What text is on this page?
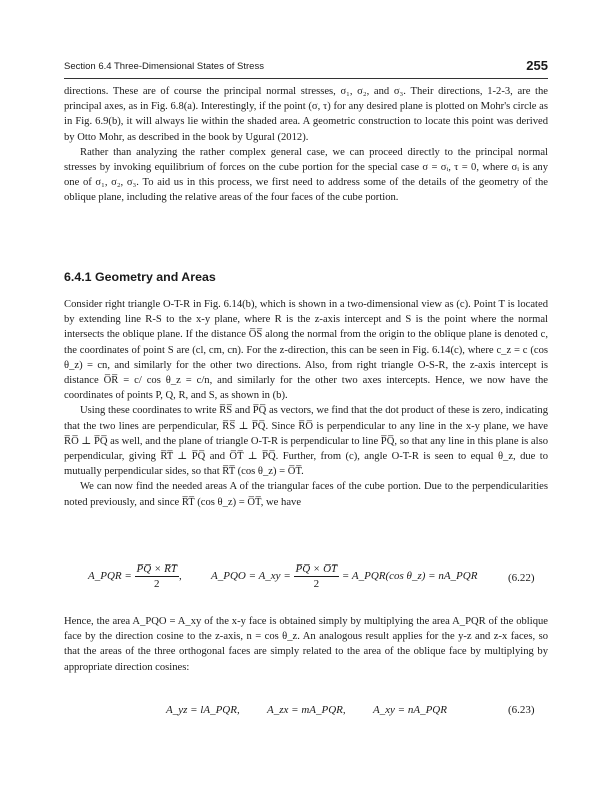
Section 6.4 Three-Dimensional States of Stress	255

directions. These are of course the principal normal stresses, σ₁, σ₂, and σ₃. Their directions, 1-2-3, are the principal axes, as in Fig. 6.8(a). Interestingly, if the point (σ, τ) for any desired plane is plotted on Mohr's circle as in Fig. 6.9(b), it will always lie within the shaded area. A geometric construction to locate this point was derived by Otto Mohr, as described in the book by Ugural (2012).

Rather than analyzing the rather complex general case, we can proceed directly to the principal normal stresses by invoking equilibrium of forces on the cube portion for the special case σ = σᵢ, τ = 0, where σᵢ is any one of σ₁, σ₂, σ₃. To aid us in this process, we first need to address some of the details of the geometry of the oblique plane, including the relative areas of the four faces of the cube portion.

6.4.1 Geometry and Areas

Consider right triangle O-T-R in Fig. 6.14(b), which is shown in a two-dimensional view as (c). Point T is located by extending line R-S to the x-y plane, where R is the z-axis intercept and S is the point where the normal intersects the oblique plane. If the distance O̅S̅ along the normal from the origin to the oblique plane is denoted c, the coordinates of point S are (cl, cm, cn). For the z-direction, this can be seen in Fig. 6.14(c), where c_z = c (cos θ_z) = cn, and similarly for the other two directions. Also, from right triangle O-S-R, the z-axis intercept is distance O̅R̅ = c/ cos θ_z = c/n, and similarly for the other two axes intercepts. Hence, we now have the coordinates of points P, Q, R, and S, as shown in (b).

Using these coordinates to write R̅S̅ and P̅Q̅ as vectors, we find that the dot product of these is zero, indicating that the two lines are perpendicular, R̅S̅ ⊥ P̅Q̅. Since R̅O̅ is perpendicular to any line in the x-y plane, we have R̅O̅ ⊥ P̅Q̅ as well, and the plane of triangle O-T-R is perpendicular to line P̅Q̅, so that any line in this plane is also perpendicular, giving R̅T̅ ⊥ P̅Q̅ and O̅T̅ ⊥ P̅Q̅. Further, from (c), angle O-T-R is seen to equal θ_z, due to mutually perpendicular sides, so that R̅T̅ (cos θ_z) = O̅T̅.

We can now find the needed areas A of the triangular faces of the cube portion. Due to the perpendicularities noted previously, and since R̅T̅ (cos θ_z) = O̅T̅, we have

A_PQR = $\frac{P̅Q̅ \times R̅T̅}{2}$ ,	A_PQO = A_xy = $\frac{P̅Q̅ \times O̅T̅}{2}$ = A_PQR(cos θ_z) = nA_PQR	(6.22)

Hence, the area A_PQO = A_xy of the x-y face is obtained simply by multiplying the area A_PQR of the oblique face by the direction cosine to the z-axis, n = cos θ_z. An analogous result applies for the y-z and z-x faces, so that the areas of the three orthogonal faces are simply related to the area of the oblique face by multiplying by appropriate direction cosines:

A_yz = lA_PQR, A_zx = mA_PQR, A_xy = nA_PQR	(6.23)
